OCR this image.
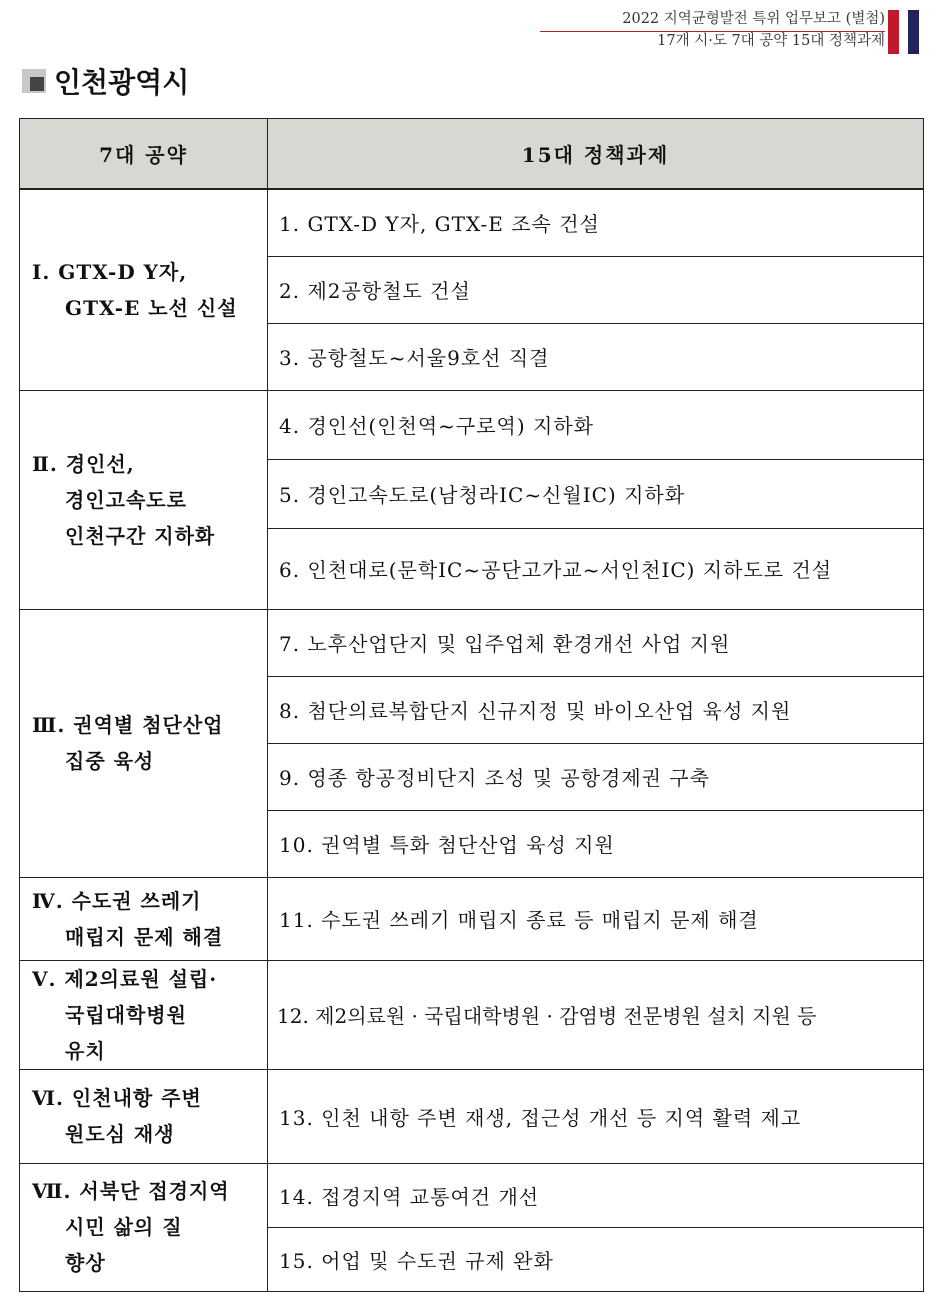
2022 지역균형발전 특위 업무보고 (별첨)
17개 시·도 7대 공약 15대 정책과제
인천광역시
7대 공약	15대 정책과제

Ⅰ. GTX-D Y자,
GTX-E 노선 신설	1. GTX-D Y자, GTX-E 조속 건설
	2. 제2공항철도 건설
	3. 공항철도~서울9호선 직결

Ⅱ. 경인선,
경인고속도로
인천구간 지하화	4. 경인선(인천역~구로역) 지하화
	5. 경인고속도로(남청라IC~신월IC) 지하화
	6. 인천대로(문학IC~공단고가교~서인천IC) 지하도로 건설

Ⅲ. 권역별 첨단산업
집중 육성	7. 노후산업단지 및 입주업체 환경개선 사업 지원
	8. 첨단의료복합단지 신규지정 및 바이오산업 육성 지원
	9. 영종 항공정비단지 조성 및 공항경제권 구축
	10. 권역별 특화 첨단산업 육성 지원

Ⅳ. 수도권 쓰레기
매립지 문제 해결	11. 수도권 쓰레기 매립지 종료 등 매립지 문제 해결

Ⅴ. 제2의료원 설립·
국립대학병원
유치	12. 제2의료원 · 국립대학병원 · 감염병 전문병원 설치 지원 등

Ⅵ. 인천내항 주변
원도심 재생	13. 인천 내항 주변 재생, 접근성 개선 등 지역 활력 제고

Ⅶ. 서북단 접경지역
시민 삶의 질
향상	14. 접경지역 교통여건 개선
	15. 어업 및 수도권 규제 완화
